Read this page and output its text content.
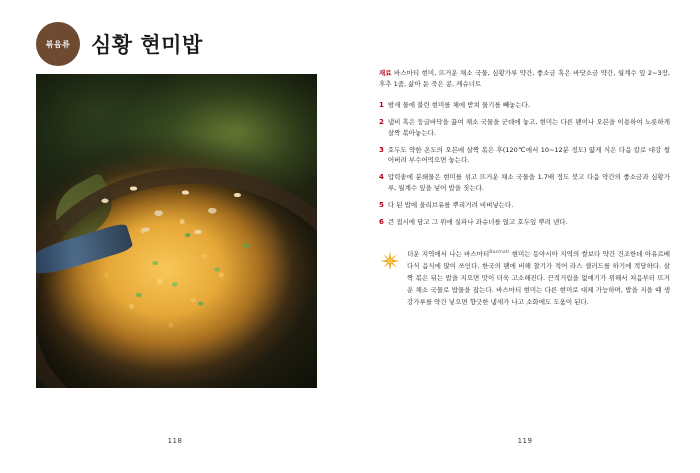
볶음류 심황 현미밥
118
재료 바스마티 현미, 뜨거운 채소 국물, 심황가루 약간, 좋소금 혹은 바닷소금 약간, 월계수 잎 2~3장, 후추 1줌, 삶아 둔 죽은 콩, 캐슈너트
1 밤새 물에 불린 현미를 체에 받쳐 물기를 빼놓는다.
2 냄비 혹은 둥글바닥을 끓여 채소 국물을 군데에 놓고, 현미는 다른 팬이나 오븐을 이용하여 노릇하게 살짝 볶아놓는다.
3 호두도 약한 온도의 오븐에 살짝 볶은 후(120℃에서 10~12분 정도) 얇게 식은 다음 칼로 대강 썰어버려 부수어먹으면 놓는다.
4 압력솥에 분쇄물은 현미를 섞고 뜨거운 채소 국물을 1.7배 정도 붓고 다음 약간의 좋소금과 심황가루, 월계수 잎을 넣어 밥을 짓는다.
5 다 된 밥에 올리브유를 뿌리거려 비벼넣는다.
6 큰 접시에 담고 그 위에 실파나 과슈너를 얹고 호두잎 뿌려 낸다.
더운 지역에서 나는 바스마티$^{Basmati}$ 현미는 동아시아 지역의 쌀보다 약간 건조한데 아유르베다식 음식에 많이 쓰인다. 한국의 팬에 비해 찰기가 적어 라스 샐러드를 하기에 적당하다. 살짝 볶은 뒤는 밥을 지으면 맛이 더욱 고소해진다. 끈적거림을 없애기가 위해서 처음부터 뜨거운 채소 국물로 밥물을 잡는다. 바스마티 현미는 다른 현미로 대체 가능하며, 밥을 지을 때 생강가루를 약간 넣으면 향긋한 냄새가 나고 소화에도 도움이 된다.
119
